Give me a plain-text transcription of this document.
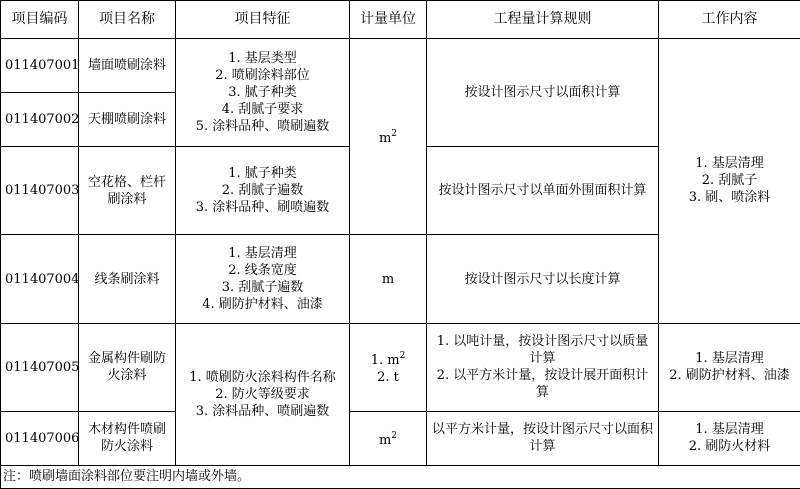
项目编码	项目名称	项目特征	计量单位	工程量计算规则	工作内容
011407001	墙面喷刷涂料	1. 基层类型
2. 喷刷涂料部位
3. 腻子种类
4. 刮腻子要求
5. 涂料品种、喷刷遍数	$m^2$	按设计图示尺寸以面积计算	1. 基层清理
2. 刮腻子
3. 刷、喷涂料

011407002	天棚喷刷涂料				
011407003	空花格、栏杆刷涂料	1. 腻子种类
2. 刮腻子遍数
3. 涂料品种、刷喷遍数		按设计图示尺寸以单面外围面积计算	
011407004	线条刷涂料	1. 基层清理
2. 线条宽度
3. 刮腻子遍数
4. 刷防护材料、油漆	m	按设计图示尺寸以长度计算	
011407005	金属构件刷防火涂料	1. 喷刷防火涂料构件名称
2. 防火等级要求
3. 涂料品种、喷刷遍数	1. $m^2$
2. t	1. 以吨计量，按设计图示尺寸以质量计算
2. 以平方米计量，按设计展开面积计算	1. 基层清理
2. 刷防护材料、油漆

011407006	木材构件喷刷防火涂料		$m^2$	以平方米计量，按设计图示尺寸以面积计算	1. 基层清理
2. 刷防火材料

注：喷刷墙面涂料部位要注明内墙或外墙。					
